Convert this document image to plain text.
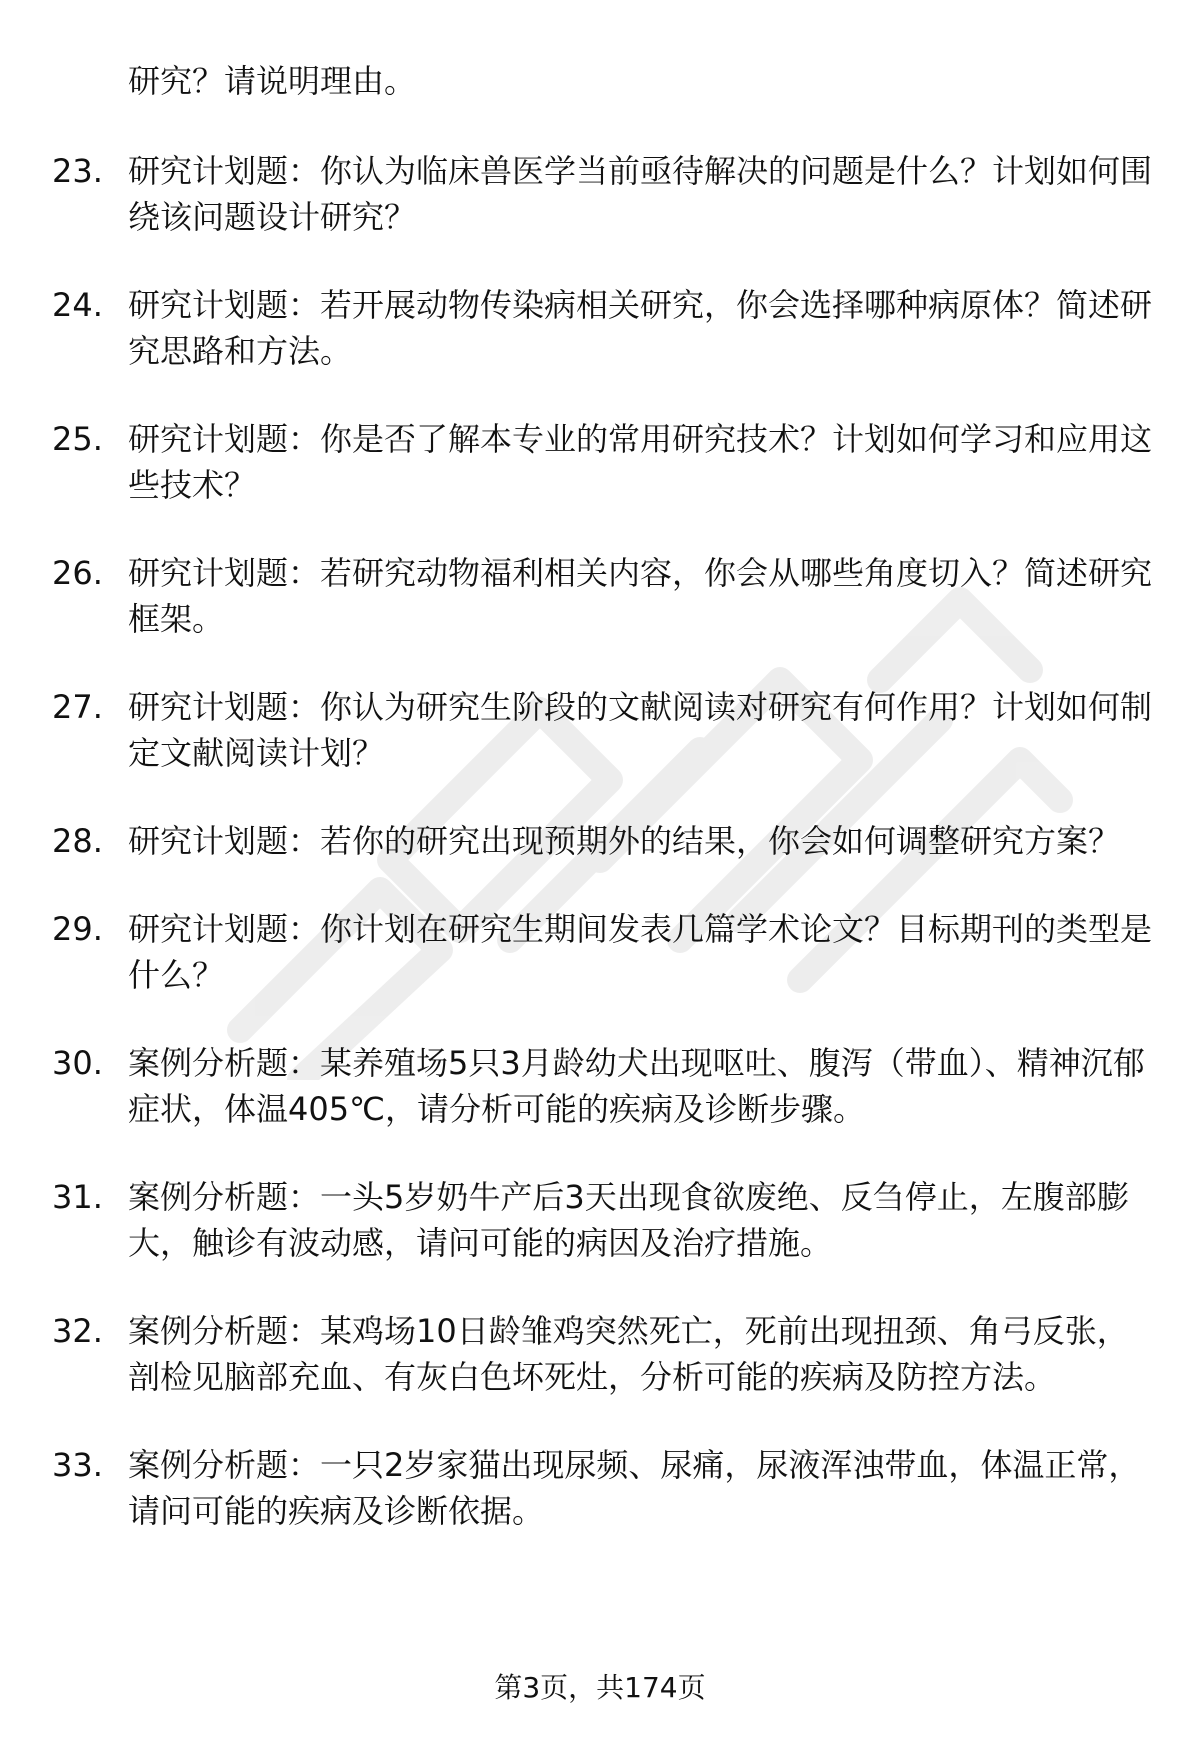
研究？请说明理由。
23. 研究计划题：你认为临床兽医学当前亟待解决的问题是什么？计划如何围绕该问题设计研究？
24. 研究计划题：若开展动物传染病相关研究，你会选择哪种病原体？简述研究思路和方法。
25. 研究计划题：你是否了解本专业的常用研究技术？计划如何学习和应用这些技术？
26. 研究计划题：若研究动物福利相关内容，你会从哪些角度切入？简述研究框架。
27. 研究计划题：你认为研究生阶段的文献阅读对研究有何作用？计划如何制定文献阅读计划？
28. 研究计划题：若你的研究出现预期外的结果，你会如何调整研究方案？
29. 研究计划题：你计划在研究生期间发表几篇学术论文？目标期刊的类型是什么？
30. 案例分析题：某养殖场5只3月龄幼犬出现呕吐、腹泻（带血）、精神沉郁症状，体温405℃，请分析可能的疾病及诊断步骤。
31. 案例分析题：一头5岁奶牛产后3天出现食欲废绝、反刍停止，左腹部膨大，触诊有波动感，请问可能的病因及治疗措施。
32. 案例分析题：某鸡场10日龄雏鸡突然死亡，死前出现扭颈、角弓反张，剖检见脑部充血、有灰白色坏死灶，分析可能的疾病及防控方法。
33. 案例分析题：一只2岁家猫出现尿频、尿痛，尿液浑浊带血，体温正常，请问可能的疾病及诊断依据。
第3页，共174页
